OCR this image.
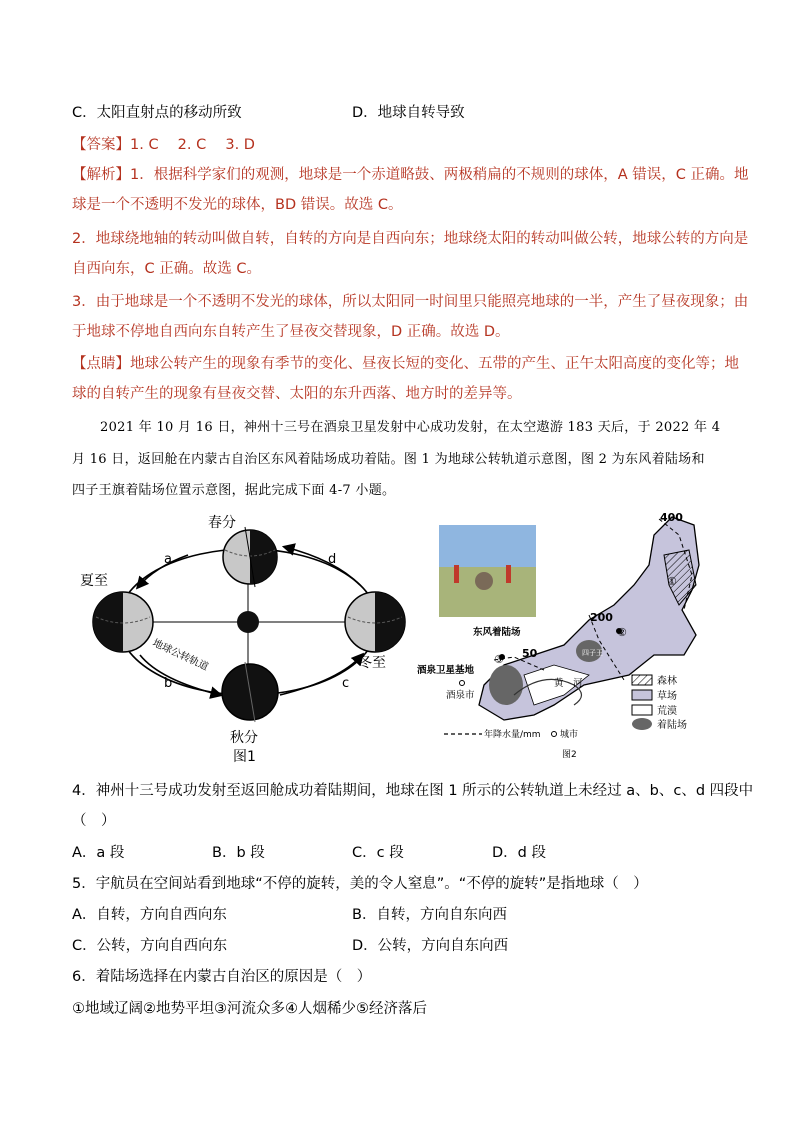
C．太阳直射点的移动所致	D．地球自转导致
【答案】1. C　 2. C　 3. D
【解析】1．根据科学家们的观测，地球是一个赤道略鼓、两极稍扁的不规则的球体，A 错误，C 正确。地
球是一个不透明不发光的球体，BD 错误。故选 C。
2．地球绕地轴的转动叫做自转，自转的方向是自西向东；地球绕太阳的转动叫做公转，地球公转的方向是
自西向东，C 正确。故选 C。
3．由于地球是一个不透明不发光的球体，所以太阳同一时间里只能照亮地球的一半，产生了昼夜现象；由
于地球不停地自西向东自转产生了昼夜交替现象，D 正确。故选 D。
【点睛】地球公转产生的现象有季节的变化、昼夜长短的变化、五带的产生、正午太阳高度的变化等；地
球的自转产生的现象有昼夜交替、太阳的东升西落、地方时的差异等。
2021 年 10 月 16 日，神州十三号在酒泉卫星发射中心成功发射，在太空遨游 183 天后，于 2022 年 4
月 16 日，返回舱在内蒙古自治区东风着陆场成功着陆。图 1 为地球公转轨道示意图，图 2 为东风着陆场和
四子王旗着陆场位置示意图，据此完成下面 4-7 小题。
春分
夏至
冬至
秋分
a
b	c
d
地球公转轨道
图1
400
200
50
①
②
③	四子王
东风着陆场
酒泉卫星基地
酒泉市
黄　河	森林
草场
荒漠
着陆场
年降水量/mm 城市
图2
4．神州十三号成功发射至返回舱成功着陆期间，地球在图 1 所示的公转轨道上未经过 a、b、c、d 四段中
（　）
A．a 段	B．b 段	C．c 段	D．d 段
5．宇航员在空间站看到地球“不停的旋转，美的令人窒息”。“不停的旋转”是指地球（　）
A．自转，方向自西向东	B．自转，方向自东向西
C．公转，方向自西向东	D．公转，方向自东向西
6．着陆场选择在内蒙古自治区的原因是（　）
①地域辽阔②地势平坦③河流众多④人烟稀少⑤经济落后
